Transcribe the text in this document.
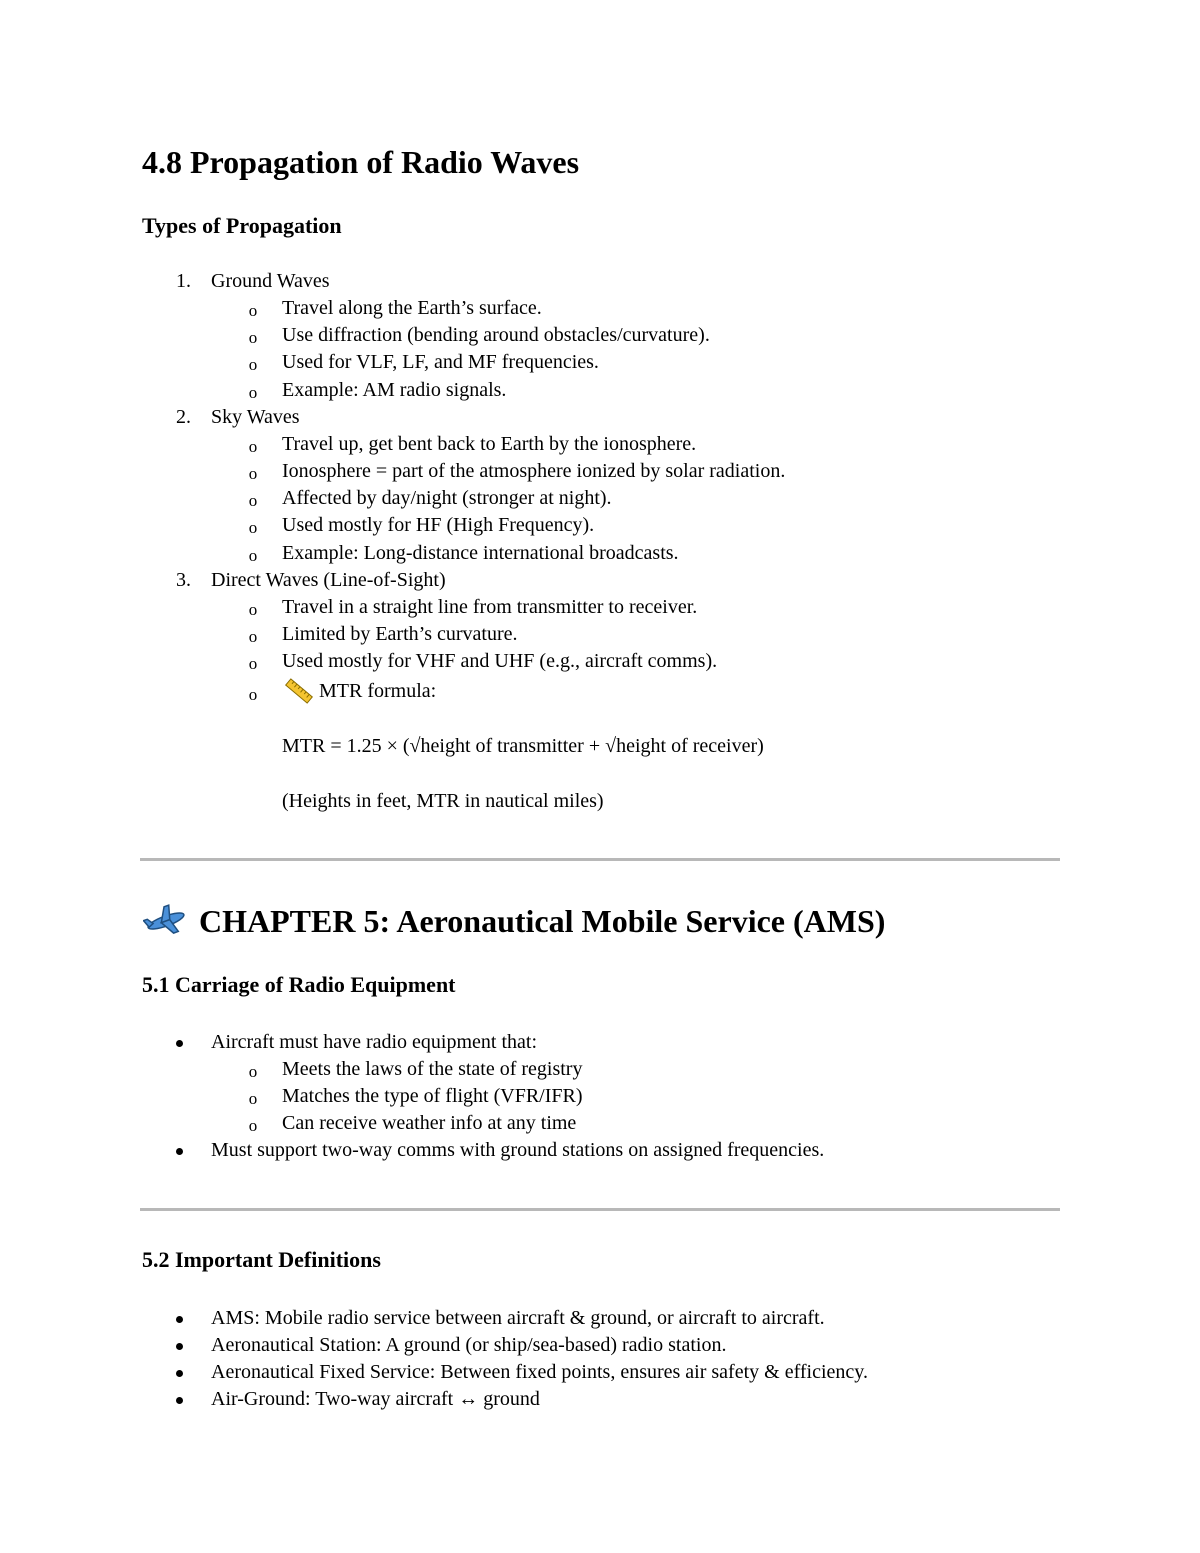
4.8 Propagation of Radio Waves
Types of Propagation
1. Ground Waves
o Travel along the Earth’s surface.
o Use diffraction (bending around obstacles/curvature).
o Used for VLF, LF, and MF frequencies.
o Example: AM radio signals.
2. Sky Waves
o Travel up, get bent back to Earth by the ionosphere.
o Ionosphere = part of the atmosphere ionized by solar radiation.
o Affected by day/night (stronger at night).
o Used mostly for HF (High Frequency).
o Example: Long-distance international broadcasts.
3. Direct Waves (Line-of-Sight)
o Travel in a straight line from transmitter to receiver.
o Limited by Earth’s curvature.
o Used mostly for VHF and UHF (e.g., aircraft comms).
o	MTR formula:
MTR = 1.25 × (√height of transmitter + √height of receiver)
(Heights in feet, MTR in nautical miles)
CHAPTER 5: Aeronautical Mobile Service (AMS)
5.1 Carriage of Radio Equipment
Aircraft must have radio equipment that:
o Meets the laws of the state of registry
o Matches the type of flight (VFR/IFR)
o Can receive weather info at any time
Must support two-way comms with ground stations on assigned frequencies.
5.2 Important Definitions
AMS: Mobile radio service between aircraft & ground, or aircraft to aircraft.
Aeronautical Station: A ground (or ship/sea-based) radio station.
Aeronautical Fixed Service: Between fixed points, ensures air safety & efficiency.
Air-Ground: Two-way aircraft ↔ ground
